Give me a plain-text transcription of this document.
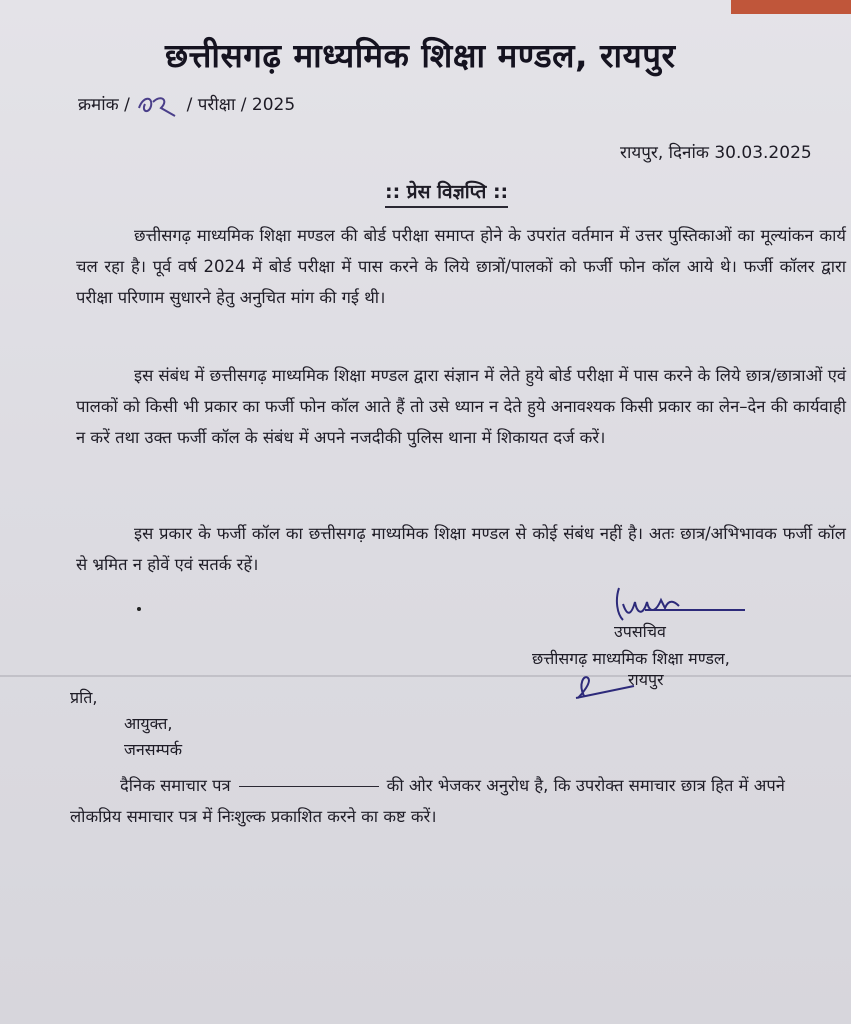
छत्तीसगढ़ माध्यमिक शिक्षा मण्डल, रायपुर
क्रमांक /	/ परीक्षा / 2025
रायपुर, दिनांक 30.03.2025
:: प्रेस विज्ञप्ति ::
छत्तीसगढ़ माध्यमिक शिक्षा मण्डल की बोर्ड परीक्षा समाप्त होने के उपरांत वर्तमान में उत्तर पुस्तिकाओं का मूल्यांकन कार्य चल रहा है। पूर्व वर्ष 2024 में बोर्ड परीक्षा में पास करने के लिये छात्रों/पालकों को फर्जी फोन कॉल आये थे। फर्जी कॉलर द्वारा परीक्षा परिणाम सुधारने हेतु अनुचित मांग की गई थी।
इस संबंध में छत्तीसगढ़ माध्यमिक शिक्षा मण्डल द्वारा संज्ञान में लेते हुये बोर्ड परीक्षा में पास करने के लिये छात्र/छात्राओं एवं पालकों को किसी भी प्रकार का फर्जी फोन कॉल आते हैं तो उसे ध्यान न देते हुये अनावश्यक किसी प्रकार का लेन–देन की कार्यवाही न करें तथा उक्त फर्जी कॉल के संबंध में अपने नजदीकी पुलिस थाना में शिकायत दर्ज करें।
इस प्रकार के फर्जी कॉल का छत्तीसगढ़ माध्यमिक शिक्षा मण्डल से कोई संबंध नहीं है। अतः छात्र/अभिभावक फर्जी कॉल से भ्रमित न होवें एवं सतर्क रहें।
उपसचिव
छत्तीसगढ़ माध्यमिक शिक्षा मण्डल,
रायपुर
प्रति,
आयुक्त,
जनसम्पर्क
दैनिक समाचार पत्र	की ओर भेजकर अनुरोध है, कि उपरोक्त समाचार छात्र हित में अपने लोकप्रिय समाचार पत्र में निःशुल्क प्रकाशित करने का कष्ट करें।
